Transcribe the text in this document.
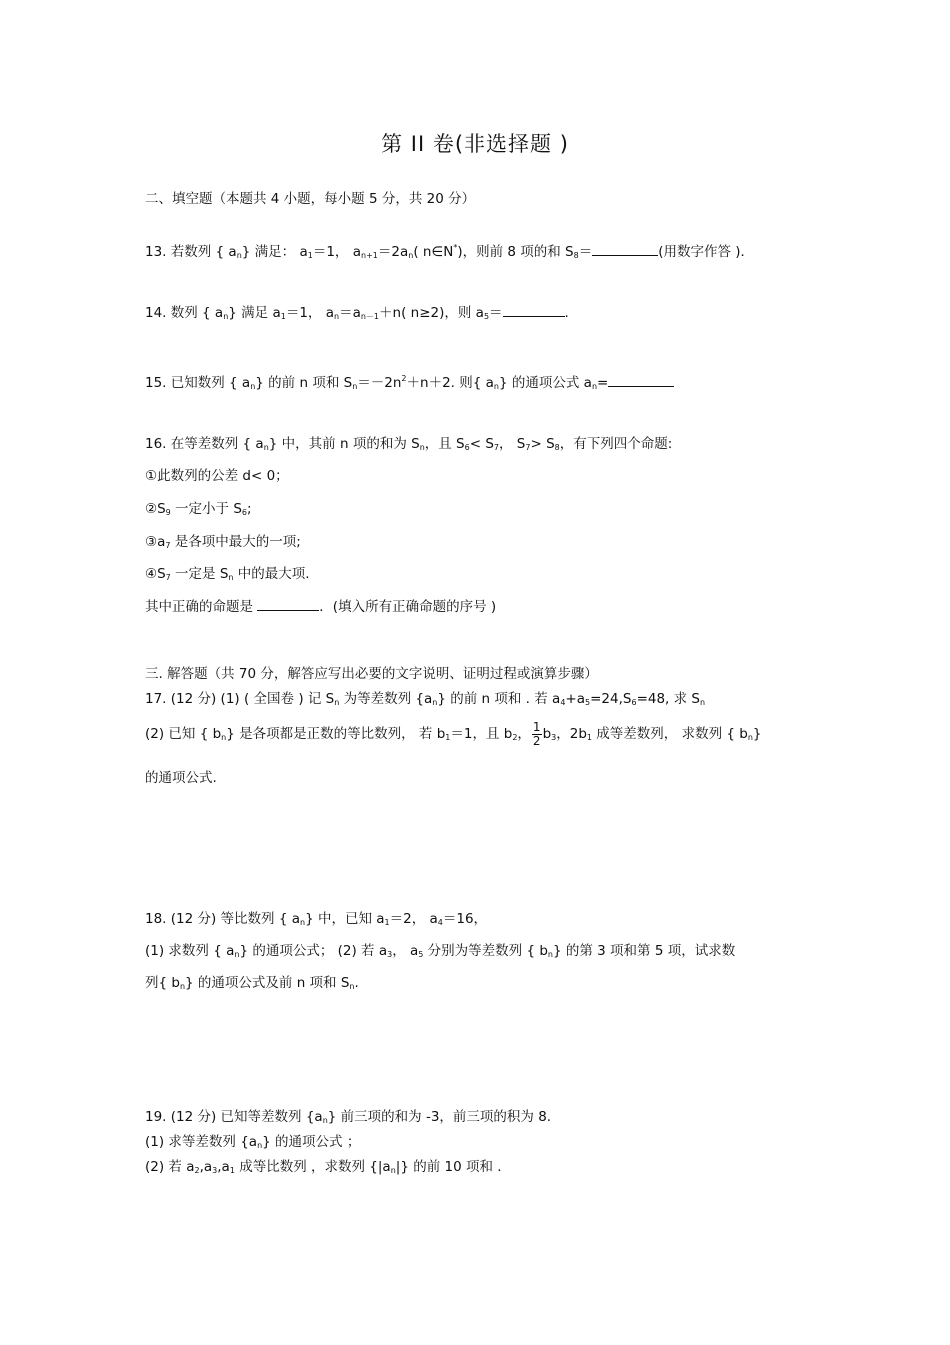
第 II 卷(非选择题 )
二、填空题（本题共 4 小题，每小题 5 分，共 20 分）
13. 若数列 { $a_n$} 满足： $a_1=1$， $a_{n+1}=2a_n$( n∈N*)，则前 8 项的和 $S_8=$	(用数字作答 )．
14. 数列 { $a_n$} 满足 $a_1=1$， $a_n=a_{n-1}+n$( n≥2)，则 $a_5=$	.
15. 已知数列 { $a_n$} 的前 n 项和 $S_n=-2n^2+n+2$. 则{ $a_n$} 的通项公式 $a_n=$
16. 在等差数列 { $a_n$} 中，其前 n 项的和为 $S_n$，且 $S_6< S_7$， $S_7> S_8$，有下列四个命题:
①此数列的公差 d< 0；
$②S_9$ 一定小于 $S_6$;
$③a_7$ 是各项中最大的一项;
$④S_7$ 一定是 $S_n$ 中的最大项.
其中正确的命题是	．(填入所有正确命题的序号 )
三. 解答题（共 70 分，解答应写出必要的文字说明、证明过程或演算步骤）
17. (12 分) (1) ( 全国卷 ) 记 $S_n$ 为等差数列 $\{a_n\}$ 的前 n 项和 . 若 $a_4+a_5=24,S_6=48$, 求 $S_n$
(2) 已知 { $b_n$} 是各项都是正数的等比数列， 若 $b_1=1$，且 $b_2$， $\frac{1}{2} b_3$，$2b_1$ 成等差数列， 求数列 { $b_n$}
的通项公式.
18. (12 分) 等比数列 { $a_n$} 中，已知 $a_1=2$， $a_4=16$，
(1) 求数列 { $a_n$} 的通项公式； (2) 若 $a_3$， $a_5$ 分别为等差数列 { $b_n$} 的第 3 项和第 5 项，试求数
列{ $b_n$} 的通项公式及前 n 项和 $S_n$.
19. (12 分) 已知等差数列 $\{a_n\}$ 前三项的和为 -3，前三项的积为 8.
(1) 求等差数列 $\{a_n\}$ 的通项公式 ；
(2) 若 $a_2,a_3,a_1$ 成等比数列 ，求数列 $\{|a_n|\}$ 的前 10 项和 .
